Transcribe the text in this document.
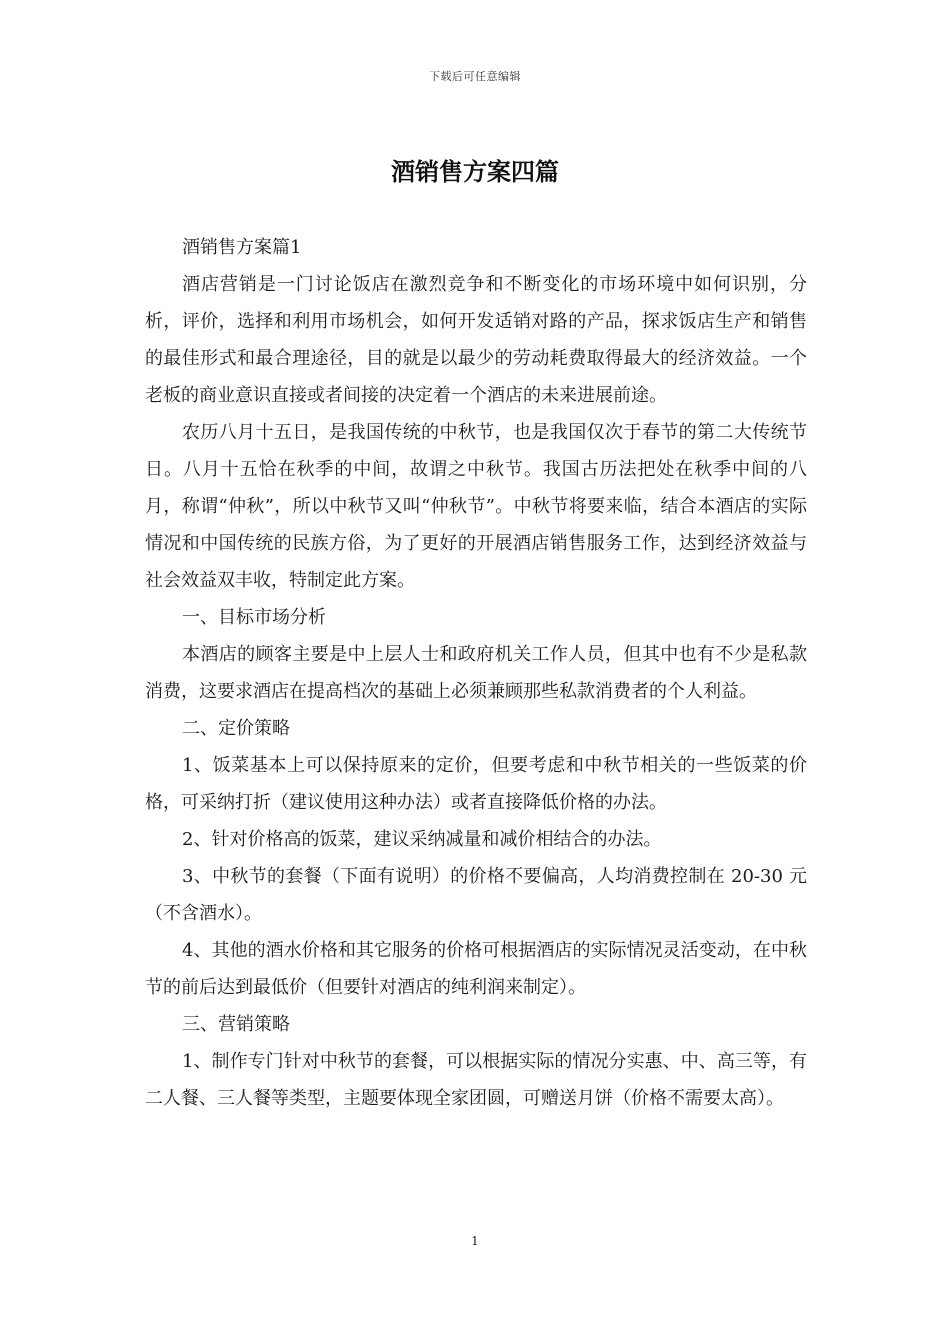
下载后可任意编辑
酒销售方案四篇

酒销售方案篇1

酒店营销是一门讨论饭店在激烈竞争和不断变化的市场环境中如何识别，分析，评价，选择和利用市场机会，如何开发适销对路的产品，探求饭店生产和销售的最佳形式和最合理途径，目的就是以最少的劳动耗费取得最大的经济效益。一个老板的商业意识直接或者间接的决定着一个酒店的未来进展前途。

农历八月十五日，是我国传统的中秋节，也是我国仅次于春节的第二大传统节日。八月十五恰在秋季的中间，故谓之中秋节。我国古历法把处在秋季中间的八月，称谓“仲秋”，所以中秋节又叫“仲秋节”。中秋节将要来临，结合本酒店的实际情况和中国传统的民族方俗，为了更好的开展酒店销售服务工作，达到经济效益与社会效益双丰收，特制定此方案。

一、目标市场分析

本酒店的顾客主要是中上层人士和政府机关工作人员，但其中也有不少是私款消费，这要求酒店在提高档次的基础上必须兼顾那些私款消费者的个人利益。

二、定价策略

1、饭菜基本上可以保持原来的定价，但要考虑和中秋节相关的一些饭菜的价格，可采纳打折（建议使用这种办法）或者直接降低价格的办法。

2、针对价格高的饭菜，建议采纳减量和减价相结合的办法。

3、中秋节的套餐（下面有说明）的价格不要偏高，人均消费控制在 20-30 元（不含酒水）。

4、其他的酒水价格和其它服务的价格可根据酒店的实际情况灵活变动，在中秋节的前后达到最低价（但要针对酒店的纯利润来制定）。

三、营销策略

1、制作专门针对中秋节的套餐，可以根据实际的情况分实惠、中、高三等，有二人餐、三人餐等类型，主题要体现全家团圆，可赠送月饼（价格不需要太高）。

1
